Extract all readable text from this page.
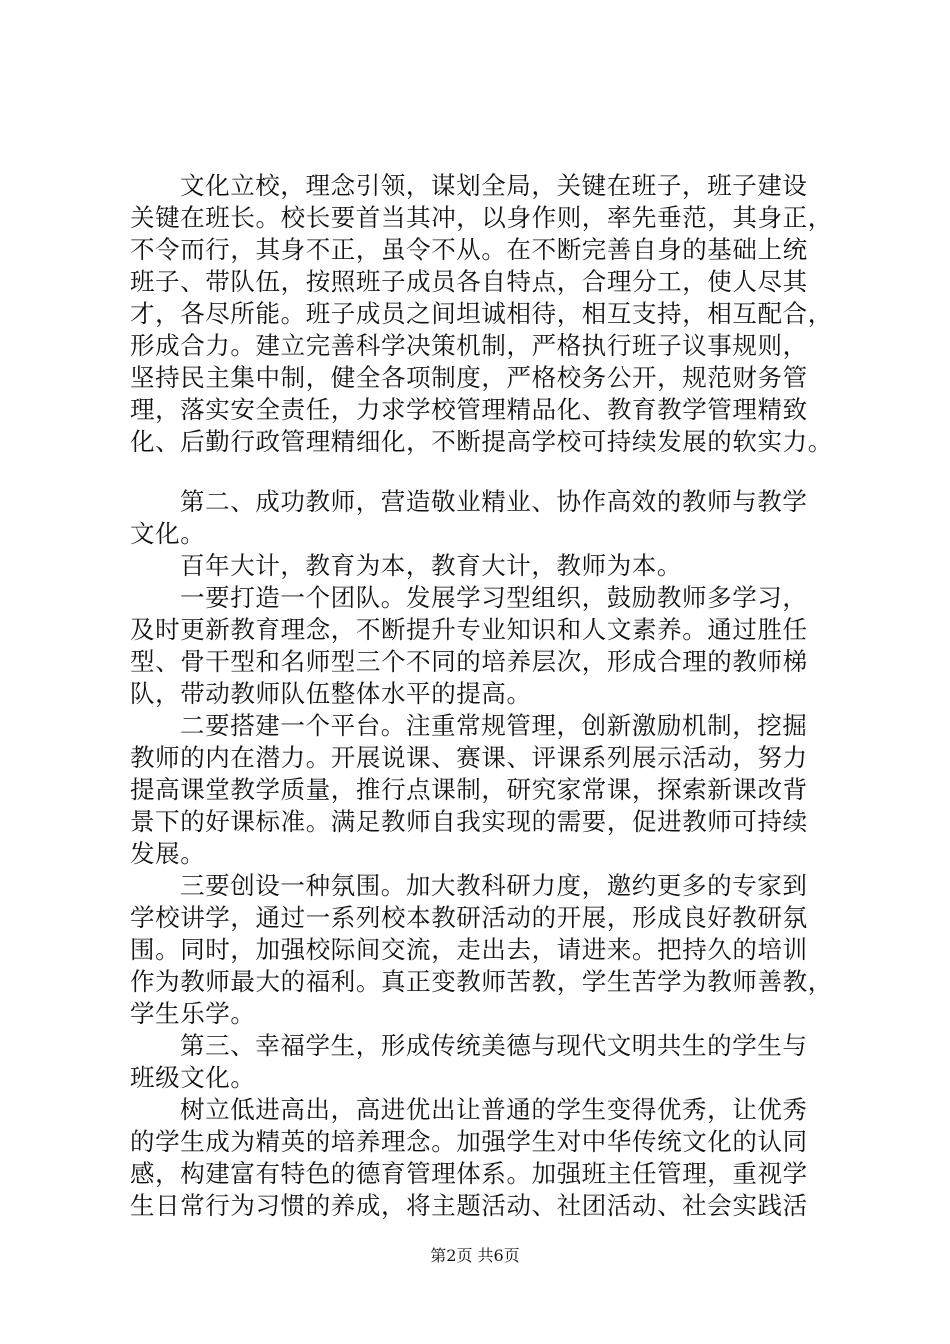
文化立校，理念引领，谋划全局，关键在班子，班子建设
关键在班长。校长要首当其冲，以身作则，率先垂范，其身正，
不令而行，其身不正，虽令不从。在不断完善自身的基础上统
班子、带队伍，按照班子成员各自特点，合理分工，使人尽其
才，各尽所能。班子成员之间坦诚相待，相互支持，相互配合，
形成合力。建立完善科学决策机制，严格执行班子议事规则，
坚持民主集中制，健全各项制度，严格校务公开，规范财务管
理，落实安全责任，力求学校管理精品化、教育教学管理精致
化、后勤行政管理精细化，不断提高学校可持续发展的软实力。
第二、成功教师，营造敬业精业、协作高效的教师与教学
文化。
百年大计，教育为本，教育大计，教师为本。
一要打造一个团队。发展学习型组织，鼓励教师多学习，
及时更新教育理念，不断提升专业知识和人文素养。通过胜任
型、骨干型和名师型三个不同的培养层次，形成合理的教师梯
队，带动教师队伍整体水平的提高。
二要搭建一个平台。注重常规管理，创新激励机制，挖掘
教师的内在潜力。开展说课、赛课、评课系列展示活动，努力
提高课堂教学质量，推行点课制，研究家常课，探索新课改背
景下的好课标准。满足教师自我实现的需要，促进教师可持续
发展。
三要创设一种氛围。加大教科研力度，邀约更多的专家到
学校讲学，通过一系列校本教研活动的开展，形成良好教研氛
围。同时，加强校际间交流，走出去，请进来。把持久的培训
作为教师最大的福利。真正变教师苦教，学生苦学为教师善教，
学生乐学。
第三、幸福学生，形成传统美德与现代文明共生的学生与
班级文化。
树立低进高出，高进优出让普通的学生变得优秀，让优秀
的学生成为精英的培养理念。加强学生对中华传统文化的认同
感，构建富有特色的德育管理体系。加强班主任管理，重视学
生日常行为习惯的养成，将主题活动、社团活动、社会实践活
第2页 共6页
